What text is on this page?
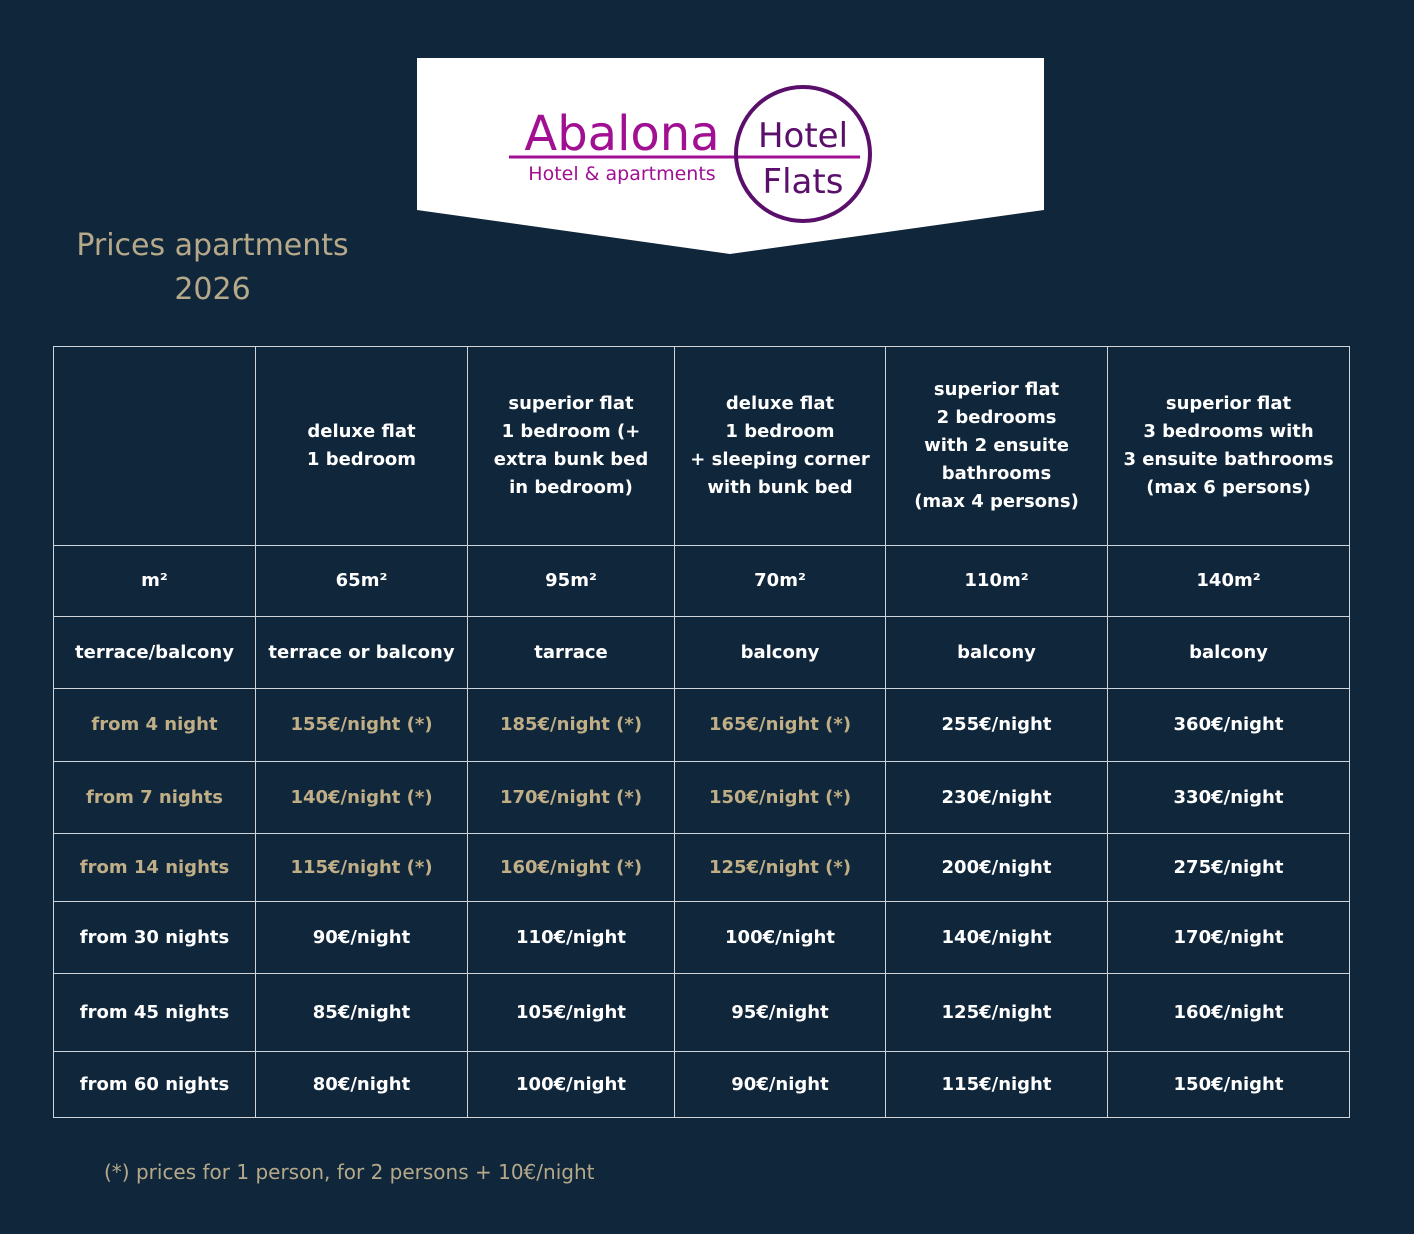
Abalona
Hotel & apartments
Hotel
Flats
Prices apartments
2026

	deluxe flat
1 bedroom	superior flat
1 bedroom (+
extra bunk bed
in bedroom)	deluxe flat
1 bedroom
+ sleeping corner
with bunk bed	superior flat
2 bedrooms
with 2 ensuite
bathrooms
(max 4 persons)	superior flat
3 bedrooms with
3 ensuite bathrooms
(max 6 persons)

m²	65m²	95m²	70m²	110m²	140m²
terrace/balcony	terrace or balcony	tarrace	balcony	balcony	balcony
from 4 night	155€/night (*)	185€/night (*)	165€/night (*)	255€/night	360€/night
from 7 nights	140€/night (*)	170€/night (*)	150€/night (*)	230€/night	330€/night
from 14 nights	115€/night (*)	160€/night (*)	125€/night (*)	200€/night	275€/night
from 30 nights	90€/night	110€/night	100€/night	140€/night	170€/night
from 45 nights	85€/night	105€/night	95€/night	125€/night	160€/night
from 60 nights	80€/night	100€/night	90€/night	115€/night	150€/night
(*) prices for 1 person, for 2 persons + 10€/night
